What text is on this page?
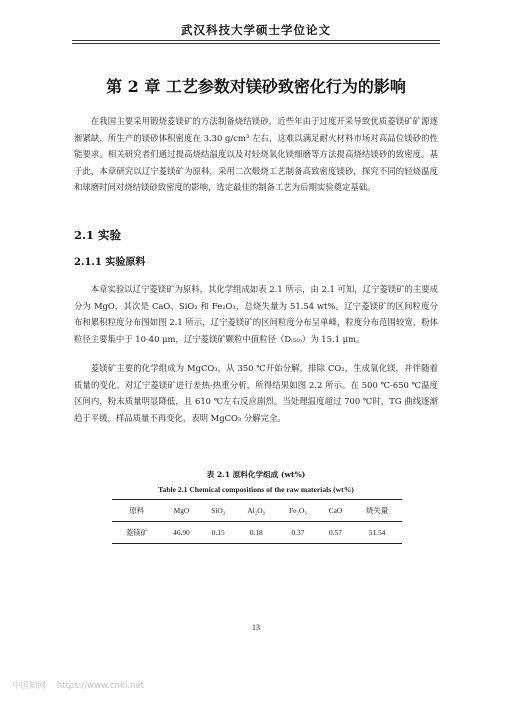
武汉科技大学硕士学位论文
第 2 章 工艺参数对镁砂致密化行为的影响

在我国主要采用锻烧菱镁矿的方法制备烧结镁砂，近些年由于过度开采导致优质菱镁矿矿源逐渐紧缺，所生产的镁砂体积密度在 3.30 g/cm³ 左右，这难以满足耐火材料市场对高品位镁砂的性能要求。相关研究者们通过提高烧结温度以及对轻烧氧化镁细磨等方法提高烧结镁砂的致密度。基于此，本章研究以辽宁菱镁矿为原料，采用二次煅烧工艺制备高致密度镁砂，探究不同的轻烧温度和球磨时间对烧结镁砂致密度的影响，选定最佳的制备工艺为后期实验奠定基础。

2.1 实验
2.1.1 实验原料

本章实验以辽宁菱镁矿为原料，其化学组成如表 2.1 所示，由 2.1 可知，辽宁菱镁矿的主要成分为 MgO，其次是 CaO、SiO₂ 和 Fe₂O₃，总烧失量为 51.54 wt%。辽宁菱镁矿的区间粒度分布和累积粒度分布图如图 2.1 所示，辽宁菱镁矿的区间粒度分布呈单峰，粒度分布范围较宽，粉体粒径主要集中于 10-40 μm，辽宁菱镁矿颗粒中值粒径（D₍₅₀₎）为 15.1 μm。

菱镁矿主要的化学组成为 MgCO₃，从 350 ℃开始分解，排除 CO₂，生成氧化镁，并伴随着质量的变化。对辽宁菱镁矿进行差热-热重分析，所得结果如图 2.2 所示。在 500 ℃-650 ℃温度区间内，粉末质量明显降低，且 610 ℃左右反应剧烈。当处理温度超过 700 ℃时，TG 曲线逐渐趋于平缓，样品质量不再变化，表明 MgCO₃ 分解完全。

表 2.1 原料化学组成 (wt%)
Table 2.1 Chemical compositions of the raw materials (wt%)
原料	MgO	SiO₂	Al₂O₃	Fe₂O₃	CaO	烧失量
菱镁矿	46.90	0.15	0.18	0.37	0.57	51.54
13
中国知网 https://www.cnki.net
